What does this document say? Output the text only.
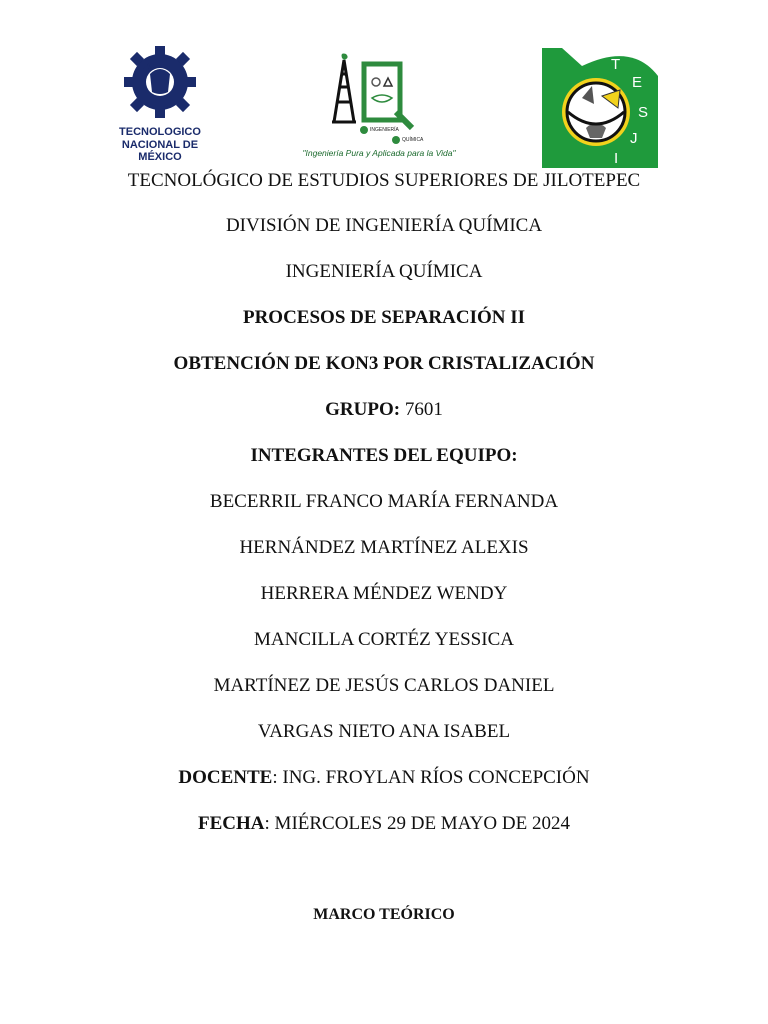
TECNOLOGICO
NACIONAL DE MÉXICO
INGENIERÍA
QUÍMICA
"Ingeniería Pura y Aplicada para la Vida"
T
E
S
J
I
TECNOLÓGICO DE ESTUDIOS SUPERIORES DE JILOTEPEC
DIVISIÓN DE INGENIERÍA QUÍMICA
INGENIERÍA QUÍMICA
PROCESOS DE SEPARACIÓN II
OBTENCIÓN DE KON3 POR CRISTALIZACIÓN
GRUPO: 7601
INTEGRANTES DEL EQUIPO:
BECERRIL FRANCO MARÍA FERNANDA
HERNÁNDEZ MARTÍNEZ ALEXIS
HERRERA MÉNDEZ WENDY
MANCILLA CORTÉZ YESSICA
MARTÍNEZ DE JESÚS CARLOS DANIEL
VARGAS NIETO ANA ISABEL
DOCENTE: ING. FROYLAN RÍOS CONCEPCIÓN
FECHA: MIÉRCOLES 29 DE MAYO DE 2024
MARCO TEÓRICO
